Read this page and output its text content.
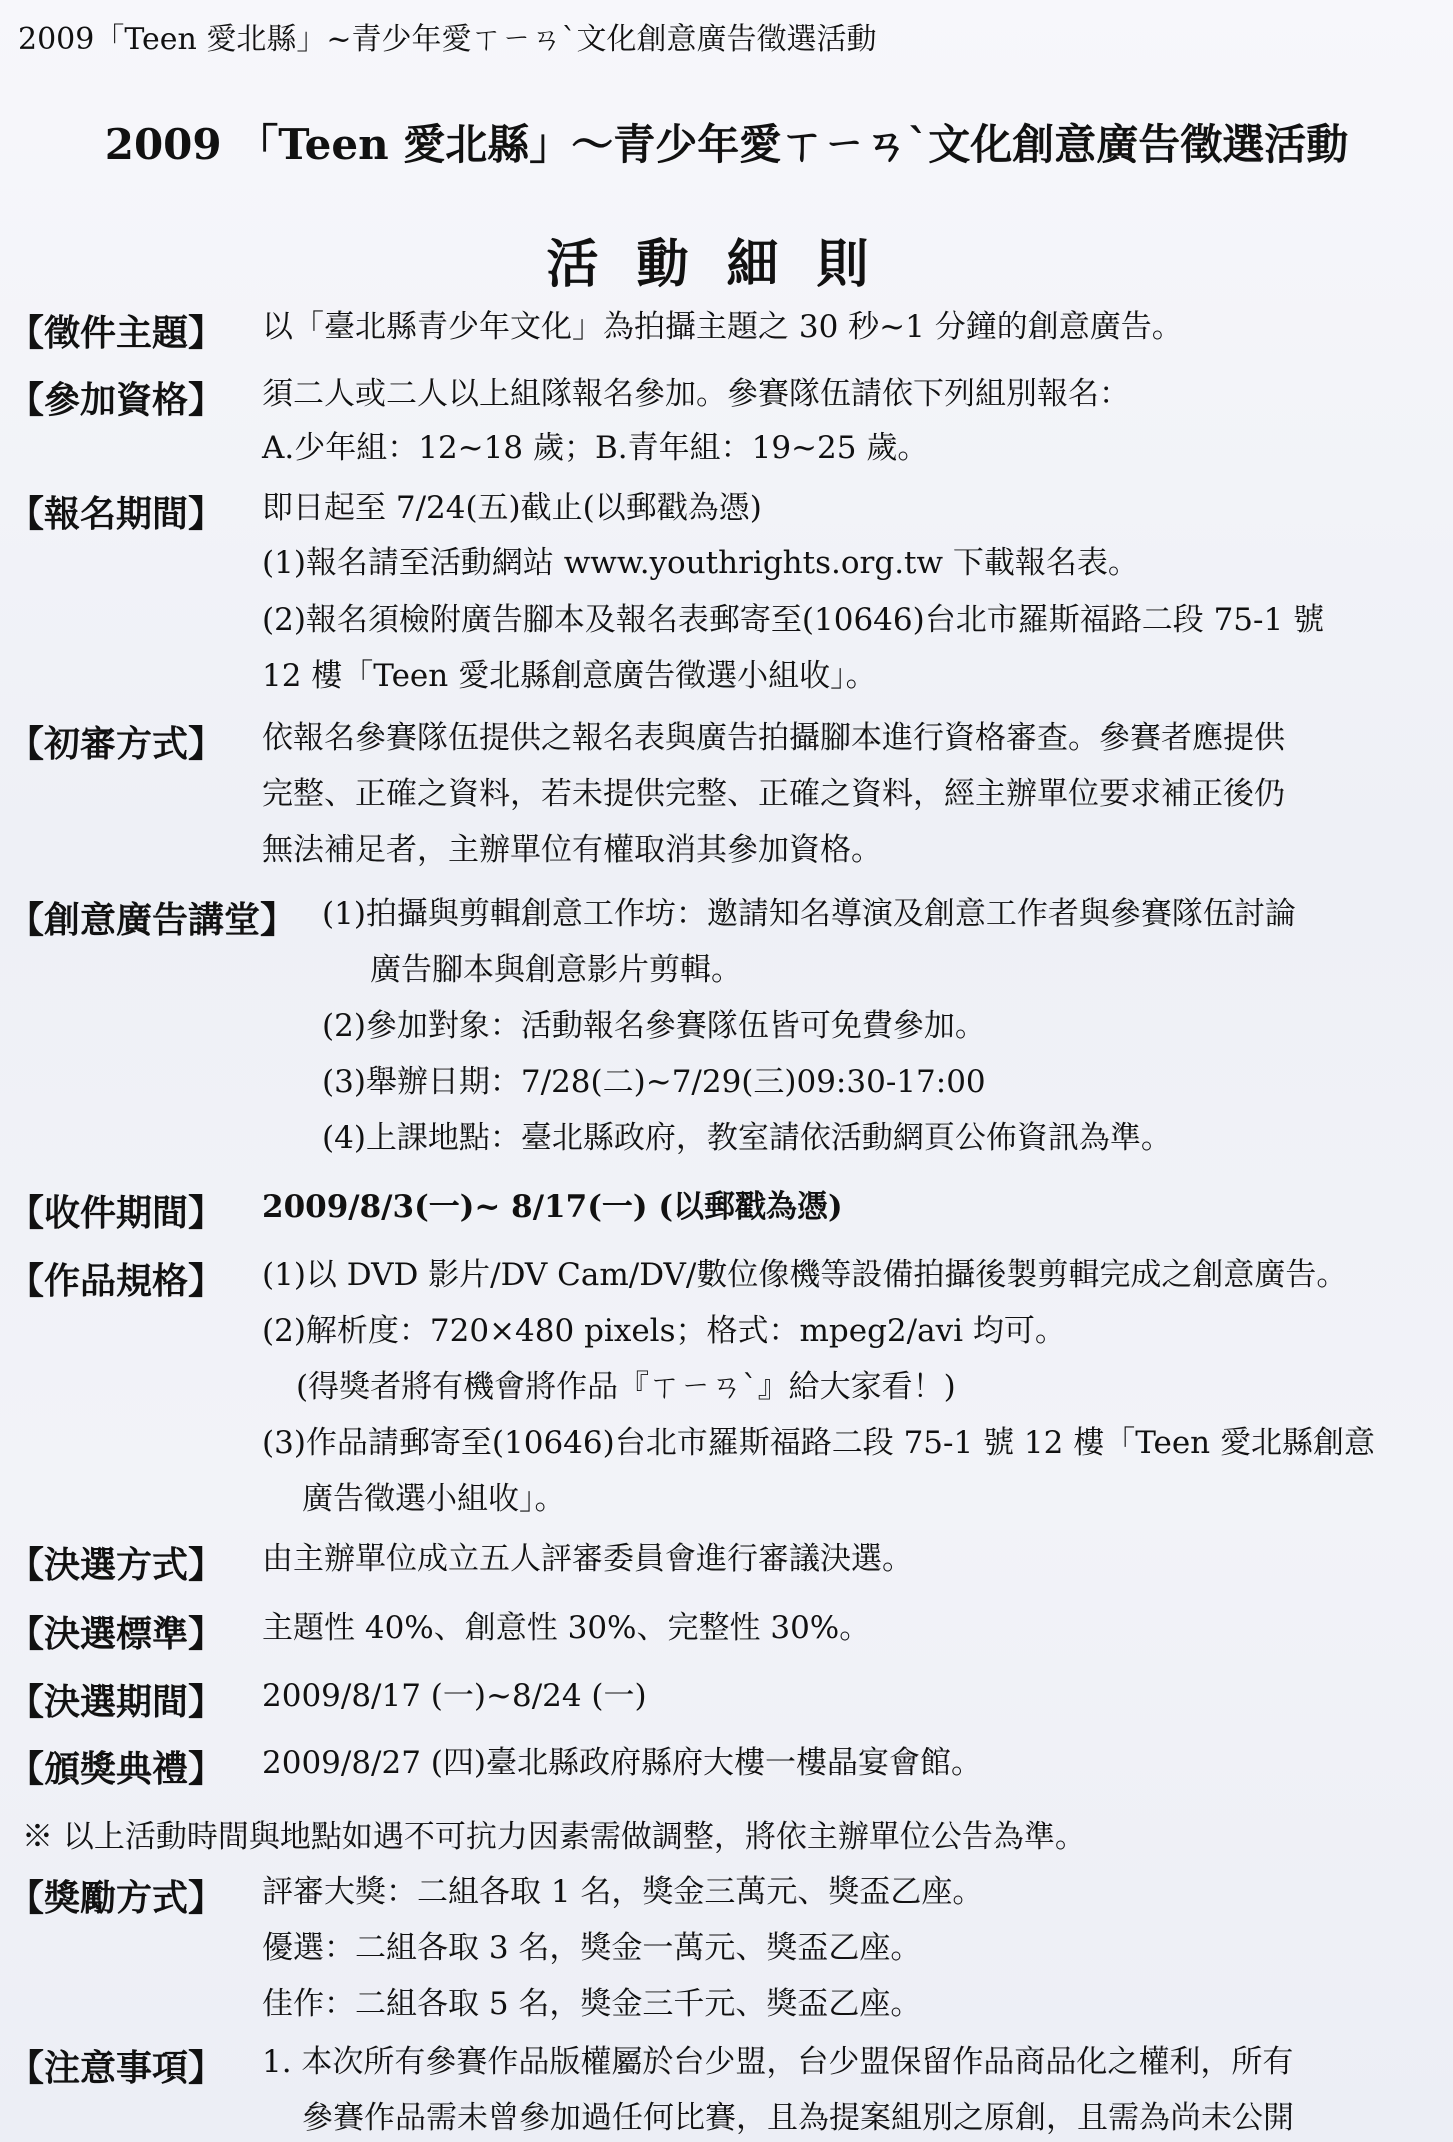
2009「Teen 愛北縣」~青少年愛ㄒㄧㄢˋ文化創意廣告徵選活動
2009 「Teen 愛北縣」～青少年愛ㄒㄧㄢˋ文化創意廣告徵選活動
活動細則
【徵件主題】 以「臺北縣青少年文化」為拍攝主題之 30 秒~1 分鐘的創意廣告。
【參加資格】 須二人或二人以上組隊報名參加。參賽隊伍請依下列組別報名：
A.少年組：12~18 歲；B.青年組：19~25 歲。
【報名期間】 即日起至 7/24(五)截止(以郵戳為憑)
(1)報名請至活動網站 www.youthrights.org.tw 下載報名表。
(2)報名須檢附廣告腳本及報名表郵寄至(10646)台北市羅斯福路二段 75-1 號
12 樓「Teen 愛北縣創意廣告徵選小組收」。
【初審方式】 依報名參賽隊伍提供之報名表與廣告拍攝腳本進行資格審查。參賽者應提供
完整、正確之資料，若未提供完整、正確之資料，經主辦單位要求補正後仍
無法補足者，主辦單位有權取消其參加資格。
【創意廣告講堂】 (1)拍攝與剪輯創意工作坊：邀請知名導演及創意工作者與參賽隊伍討論
廣告腳本與創意影片剪輯。
(2)參加對象：活動報名參賽隊伍皆可免費參加。
(3)舉辦日期：7/28(二)~7/29(三)09:30-17:00
(4)上課地點：臺北縣政府，教室請依活動網頁公佈資訊為準。
【收件期間】 2009/8/3(一)~ 8/17(一) (以郵戳為憑)
【作品規格】 (1)以 DVD 影片/DV Cam/DV/數位像機等設備拍攝後製剪輯完成之創意廣告。
(2)解析度：720×480 pixels；格式：mpeg2/avi 均可。
(得獎者將有機會將作品『ㄒㄧㄢˋ』給大家看！)
(3)作品請郵寄至(10646)台北市羅斯福路二段 75-1 號 12 樓「Teen 愛北縣創意
廣告徵選小組收」。
【決選方式】 由主辦單位成立五人評審委員會進行審議決選。
【決選標準】 主題性 40%、創意性 30%、完整性 30%。
【決選期間】 2009/8/17 (一)~8/24 (一)
【頒獎典禮】 2009/8/27 (四)臺北縣政府縣府大樓一樓晶宴會館。
※ 以上活動時間與地點如遇不可抗力因素需做調整，將依主辦單位公告為準。
【獎勵方式】 評審大獎：二組各取 1 名，獎金三萬元、獎盃乙座。
優選：二組各取 3 名，獎金一萬元、獎盃乙座。
佳作：二組各取 5 名，獎金三千元、獎盃乙座。
【注意事項】 1. 本次所有參賽作品版權屬於台少盟，台少盟保留作品商品化之權利，所有
參賽作品需未曾參加過任何比賽，且為提案組別之原創，且需為尚未公開
